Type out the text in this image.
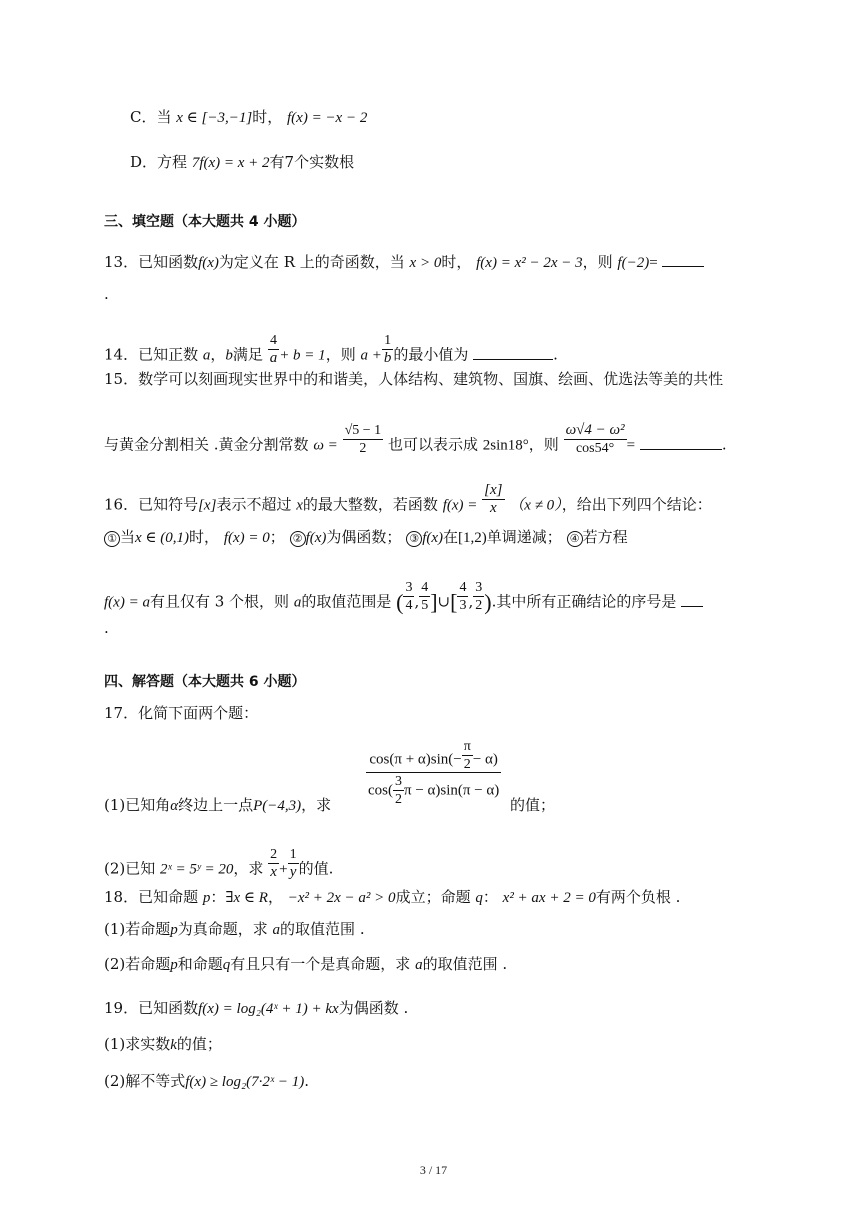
C．当 x ∈ [−3,−1]时， f(x) = −x − 2
D．方程 7f(x) = x + 2有7个实数根
三、填空题（本大题共 4 小题）
13．已知函数f(x)为定义在 R 上的奇函数，当 x > 0时， f(x) = x² − 2x − 3，则 f(−2)=
.
14．已知正数 a，b满足 $\frac{4}{a} + b = 1$，则 $a + \frac{1}{b}$ 的最小值为	.
15．数学可以刻画现实世界中的和谐美，人体结构、建筑物、国旗、绘画、优选法等美的共性
与黄金分割相关 .黄金分割常数 $\omega = \frac{√5 - 1}{2}$ 也可以表示成 2sin18°，则 $\frac{\text{ω√4 − ω²}}{\cos 54^\circ}$ =	.
16．已知符号[x]表示不超过 x的最大整数，若函数 $f(x) = \frac{[x]}{x} (x \ne 0)$，给出下列四个结论：
① 当x ∈ (0,1)时， f(x) = 0； ② f(x)为偶函数； ③ f(x)在[1,2)单调递减； ④ 若方程
f(x) = a有且仅有 3 个根，则 a的取值范围是 ( $\frac{3}{4}$ , $\frac{4}{5}$ ]∪[ $\frac{4}{3}$ , $\frac{3}{2}$ ).其中所有正确结论的序号是
.
四、解答题（本大题共 6 小题）
17．化简下面两个题：
$\cos(\pi + \alpha)\sin(- \frac{\pi}{2} - \alpha)$
$\cos( \frac{3}{2}$ π − α)sin(π − α)
(1)已知角α终边上一点P(−4,3)，求	的值；
(2)已知 2ˣ = 5ʸ = 20，求 $\frac{2}{x} + \frac{1}{y}$ 的值.
18．已知命题 p：∃x ∈ R， −x² + 2x − a² > 0成立；命题 q： x² + ax + 2 = 0有两个负根 .
(1)若命题p为真命题，求 a的取值范围 .
(2)若命题p和命题q有且只有一个是真命题，求 a的取值范围 .
19．已知函数f(x) = log₂(4ˣ + 1) + kx为偶函数 .
(1)求实数k的值；
(2)解不等式f(x) ≥ log₂(7·2ˣ − 1).
3 / 17
